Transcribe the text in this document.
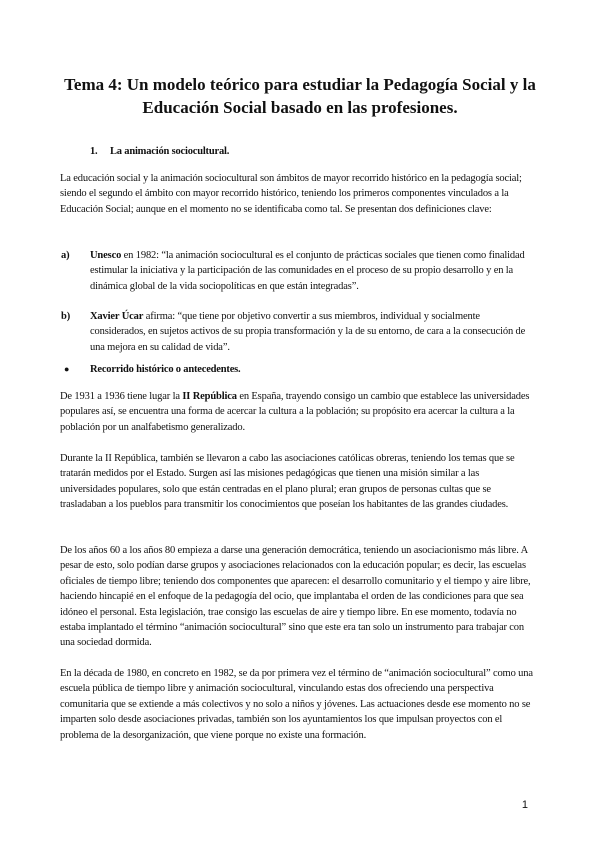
Tema 4: Un modelo teórico para estudiar la Pedagogía Social y la Educación Social basado en las profesiones.
1. La animación sociocultural.

La educación social y la animación sociocultural son ámbitos de mayor recorrido histórico en la pedagogía social; siendo el segundo el ámbito con mayor recorrido histórico, teniendo los primeros componentes vinculados a la Educación Social; aunque en el momento no se identificaba como tal. Se presentan dos definiciones clave:

a) Unesco en 1982: “la animación sociocultural es el conjunto de prácticas sociales que tienen como finalidad estimular la iniciativa y la participación de las comunidades en el proceso de su propio desarrollo y en la dinámica global de la vida sociopolíticas en que están integradas”.
b) Xavier Úcar afirma: “que tiene por objetivo convertir a sus miembros, individual y socialmente considerados, en sujetos activos de su propia transformación y la de su entorno, de cara a la consecución de una mejora en su calidad de vida”.
● Recorrido histórico o antecedentes.

De 1931 a 1936 tiene lugar la II República en España, trayendo consigo un cambio que establece las universidades populares así, se encuentra una forma de acercar la cultura a la población; su propósito era acercar la cultura a la población por un analfabetismo generalizado.

Durante la II República, también se llevaron a cabo las asociaciones católicas obreras, teniendo los temas que se tratarán medidos por el Estado. Surgen así las misiones pedagógicas que tienen una misión similar a las universidades populares, solo que están centradas en el plano plural; eran grupos de personas cultas que se trasladaban a los pueblos para transmitir los conocimientos que poseían los habitantes de las grandes ciudades.

De los años 60 a los años 80 empieza a darse una generación democrática, teniendo un asociacionismo más libre. A pesar de esto, solo podían darse grupos y asociaciones relacionados con la educación popular; es decir, las escuelas oficiales de tiempo libre; teniendo dos componentes que aparecen: el desarrollo comunitario y el tiempo y aire libre, haciendo hincapié en el enfoque de la pedagogía del ocio, que implantaba el orden de las condiciones para que sea idóneo el personal. Esta legislación, trae consigo las escuelas de aire y tiempo libre. En ese momento, todavía no estaba implantado el término “animación sociocultural” sino que este era tan solo un instrumento para trabajar con una sociedad dormida.

En la década de 1980, en concreto en 1982, se da por primera vez el término de “animación sociocultural” como una escuela pública de tiempo libre y animación sociocultural, vinculando estas dos ofreciendo una perspectiva comunitaria que se extiende a más colectivos y no solo a niños y jóvenes. Las actuaciones desde ese momento no se imparten solo desde asociaciones privadas, también son los ayuntamientos los que impulsan proyectos con el problema de la desorganización, que viene porque no existe una formación.

1
